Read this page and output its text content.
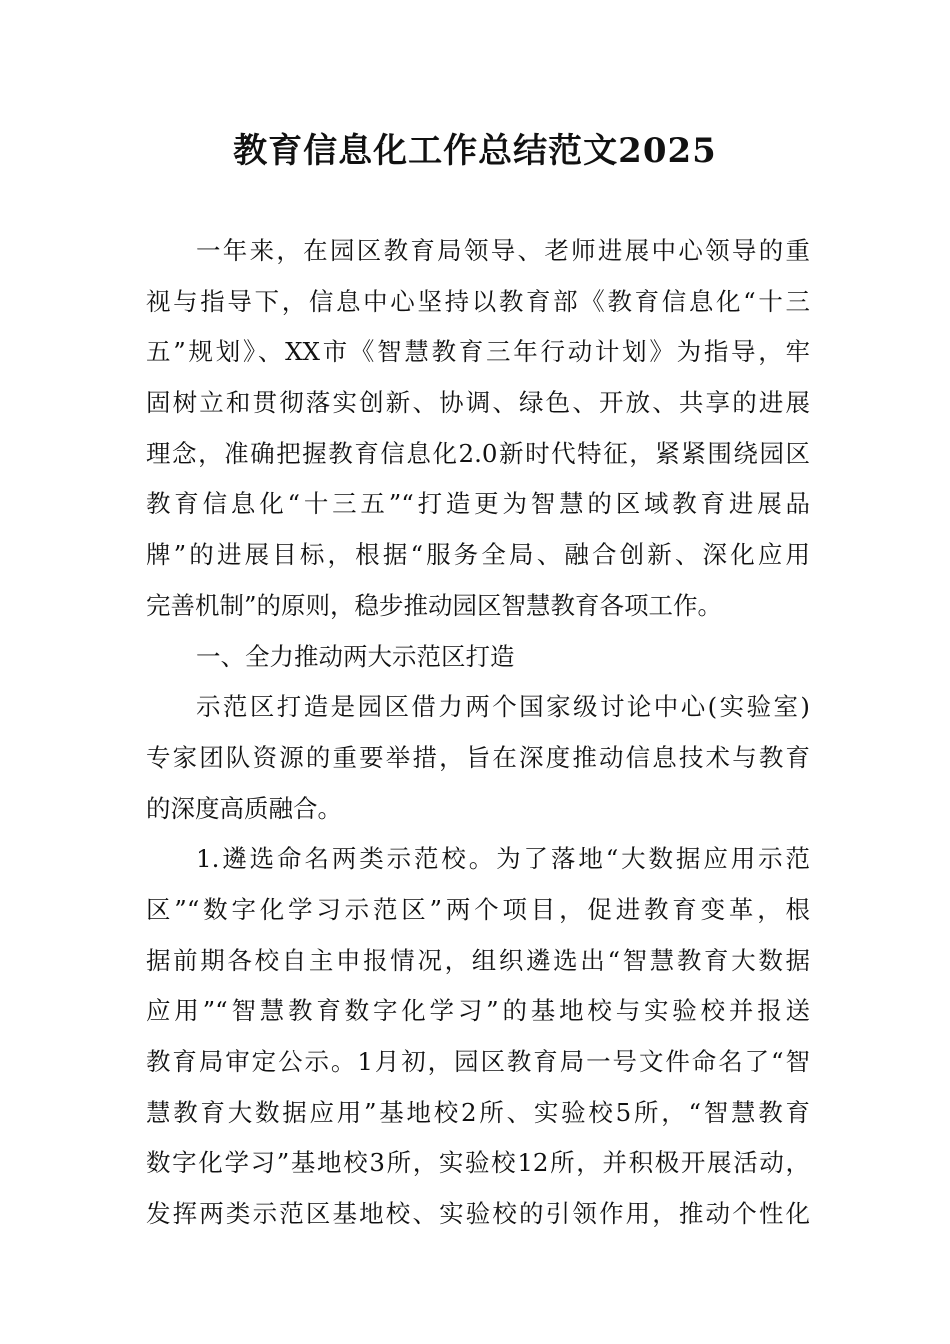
教育信息化工作总结范文2025
一年来，在园区教育局领导、老师进展中心领导的重
视与指导下，信息中心坚持以教育部《教育信息化“十三
五”规划》、XX市《智慧教育三年行动计划》为指导，牢
固树立和贯彻落实创新、协调、绿色、开放、共享的进展
理念，准确把握教育信息化2.0新时代特征，紧紧围绕园区
教育信息化“十三五”“打造更为智慧的区域教育进展品
牌”的进展目标，根据“服务全局、融合创新、深化应用
完善机制”的原则，稳步推动园区智慧教育各项工作。
一、全力推动两大示范区打造
示范区打造是园区借力两个国家级讨论中心(实验室)
专家团队资源的重要举措，旨在深度推动信息技术与教育
的深度高质融合。
1.遴选命名两类示范校。为了落地“大数据应用示范
区”“数字化学习示范区”两个项目，促进教育变革，根
据前期各校自主申报情况，组织遴选出“智慧教育大数据
应用”“智慧教育数字化学习”的基地校与实验校并报送
教育局审定公示。1月初，园区教育局一号文件命名了“智
慧教育大数据应用”基地校2所、实验校5所，“智慧教育
数字化学习”基地校3所，实验校12所，并积极开展活动，
发挥两类示范区基地校、实验校的引领作用，推动个性化
